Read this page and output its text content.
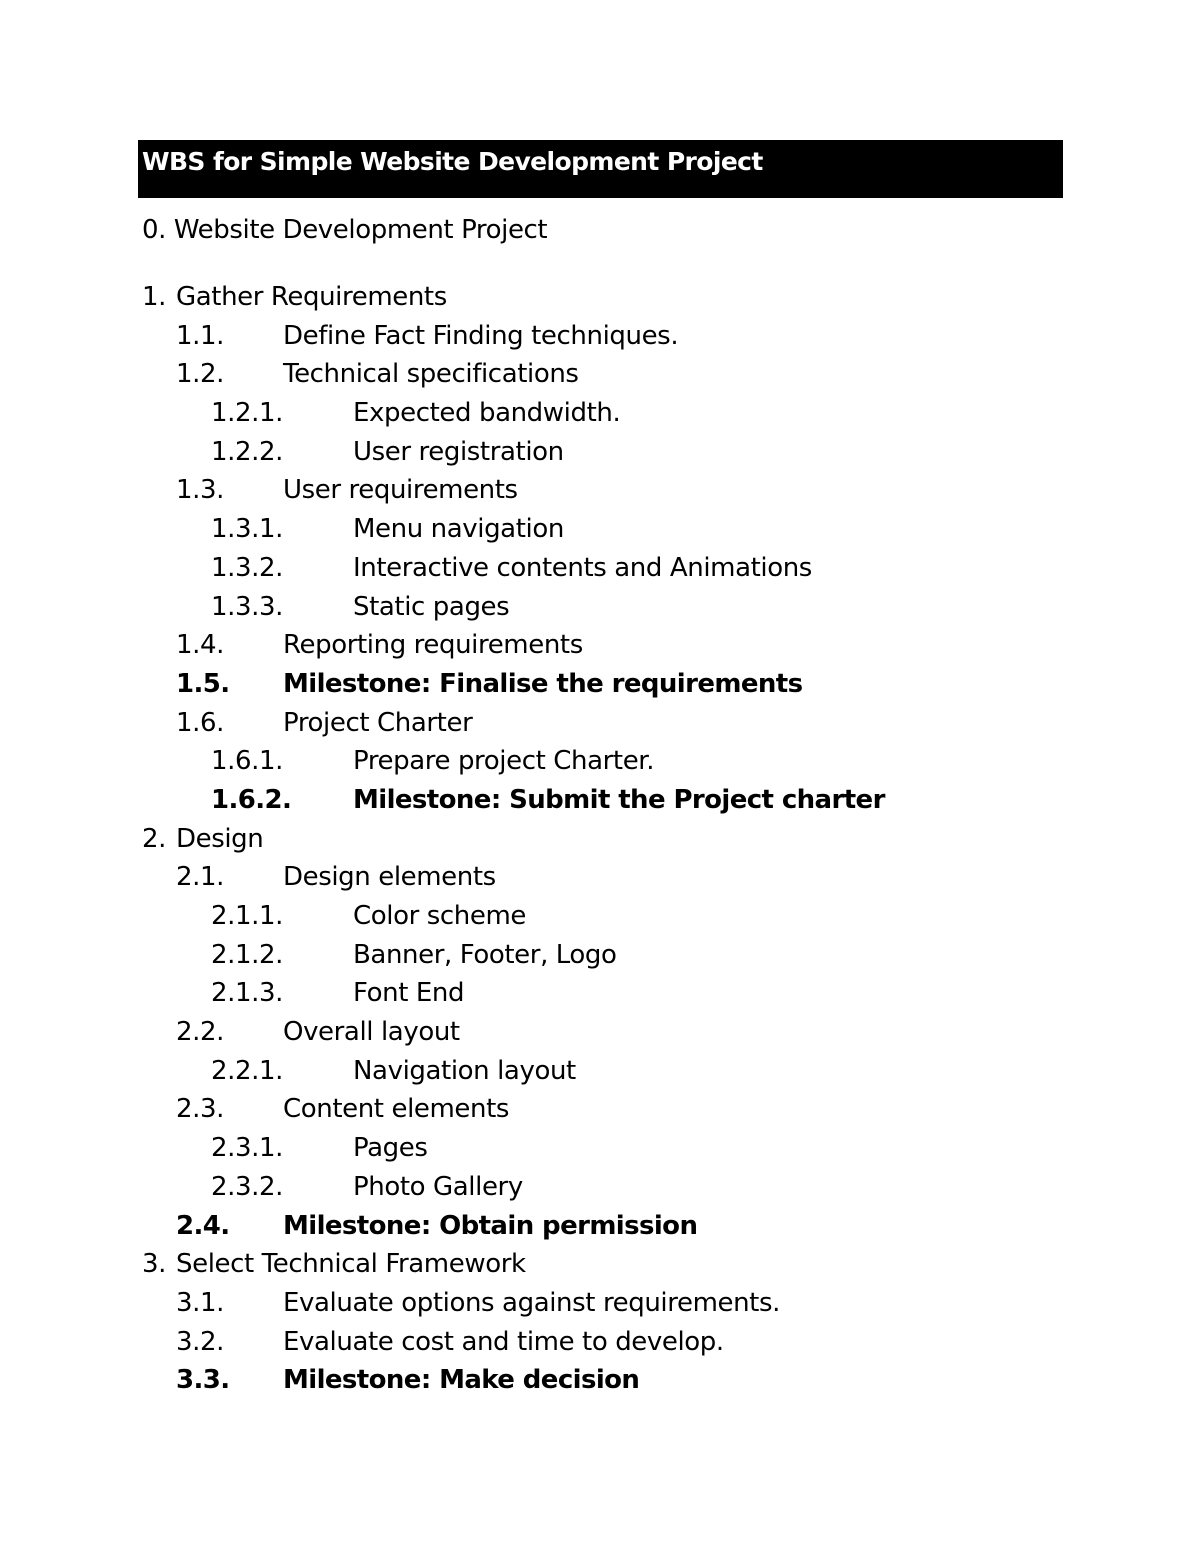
WBS for Simple Website Development Project
0. Website Development Project
1. Gather Requirements
1.1. Define Fact Finding techniques.
1.2. Technical specifications
1.2.1.	Expected bandwidth.
1.2.2.	User registration
1.3. User requirements
1.3.1.	Menu navigation
1.3.2.	Interactive contents and Animations
1.3.3.	Static pages
1.4. Reporting requirements
1.5. Milestone: Finalise the requirements
1.6. Project Charter
1.6.1.	Prepare project Charter.
1.6.2. Milestone: Submit the Project charter
2. Design
2.1. Design elements
2.1.1.	Color scheme
2.1.2.	Banner, Footer, Logo
2.1.3.	Font End
2.2. Overall layout
2.2.1.	Navigation layout
2.3. Content elements
2.3.1.	Pages
2.3.2.	Photo Gallery
2.4. Milestone: Obtain permission
3. Select Technical Framework
3.1. Evaluate options against requirements.
3.2. Evaluate cost and time to develop.
3.3. Milestone: Make decision
